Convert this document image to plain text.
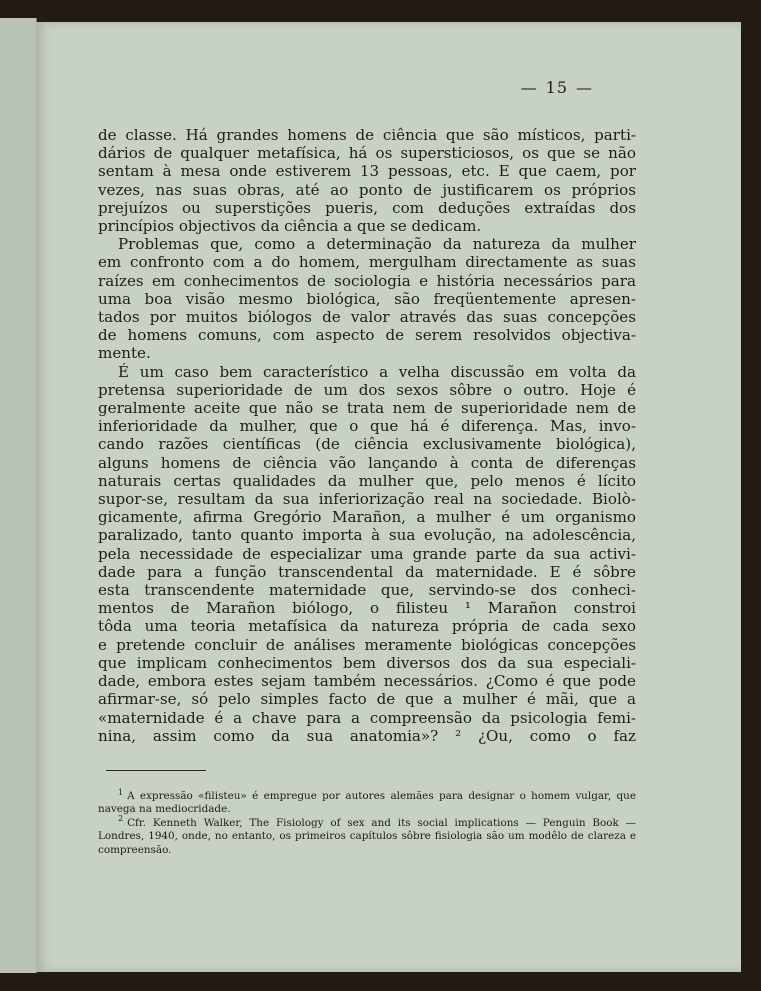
— 15 —

de classe. Há grandes homens de ciência que são místicos, parti-
dários de qualquer metafísica, há os supersticiosos, os que se não
sentam à mesa onde estiverem 13 pessoas, etc. E que caem, por
vezes, nas suas obras, até ao ponto de justificarem os próprios
prejuízos ou superstições pueris, com deduções extraídas dos
princípios objectivos da ciência a que se dedicam.

Problemas que, como a determinação da natureza da mulher
em confronto com a do homem, mergulham directamente as suas
raízes em conhecimentos de sociologia e história necessários para
uma boa visão mesmo biológica, são freqüentemente apresen-
tados por muitos biólogos de valor através das suas concepções
de homens comuns, com aspecto de serem resolvidos objectiva-
mente.

É um caso bem característico a velha discussão em volta da
pretensa superioridade de um dos sexos sôbre o outro. Hoje é
geralmente aceite que não se trata nem de superioridade nem de
inferioridade da mulher, que o que há é diferença. Mas, invo-
cando razões científicas (de ciência exclusivamente biológica),
alguns homens de ciência vão lançando à conta de diferenças
naturais certas qualidades da mulher que, pelo menos é lícito
supor-se, resultam da sua inferiorização real na sociedade. Biolò-
gicamente, afirma Gregório Marañon, a mulher é um organismo
paralizado, tanto quanto importa à sua evolução, na adolescência,
pela necessidade de especializar uma grande parte da sua activi-
dade para a função transcendental da maternidade. E é sôbre
esta transcendente maternidade que, servindo-se dos conheci-
mentos de Marañon biólogo, o filisteu ¹ Marañon constroi
tôda uma teoria metafísica da natureza própria de cada sexo
e pretende concluir de análises meramente biológicas concepções
que implicam conhecimentos bem diversos dos da sua especiali-
dade, embora estes sejam também necessários. ¿Como é que pode
afirmar-se, só pelo simples facto de que a mulher é mãi, que a
«maternidade é a chave para a compreensão da psicologia femi-
nina, assim como da sua anatomia»? ² ¿Ou, como o faz

$^1$ A expressão «filisteu» é empregue por autores alemães para designar o homem vulgar, que navega na mediocridade.

$^2$ Cfr. Kenneth Walker, The Fisiology of sex and its social implications — Penguin Book — Londres, 1940, onde, no entanto, os primeiros capítulos sôbre fisiologia são um modêlo de clareza e compreensão.
